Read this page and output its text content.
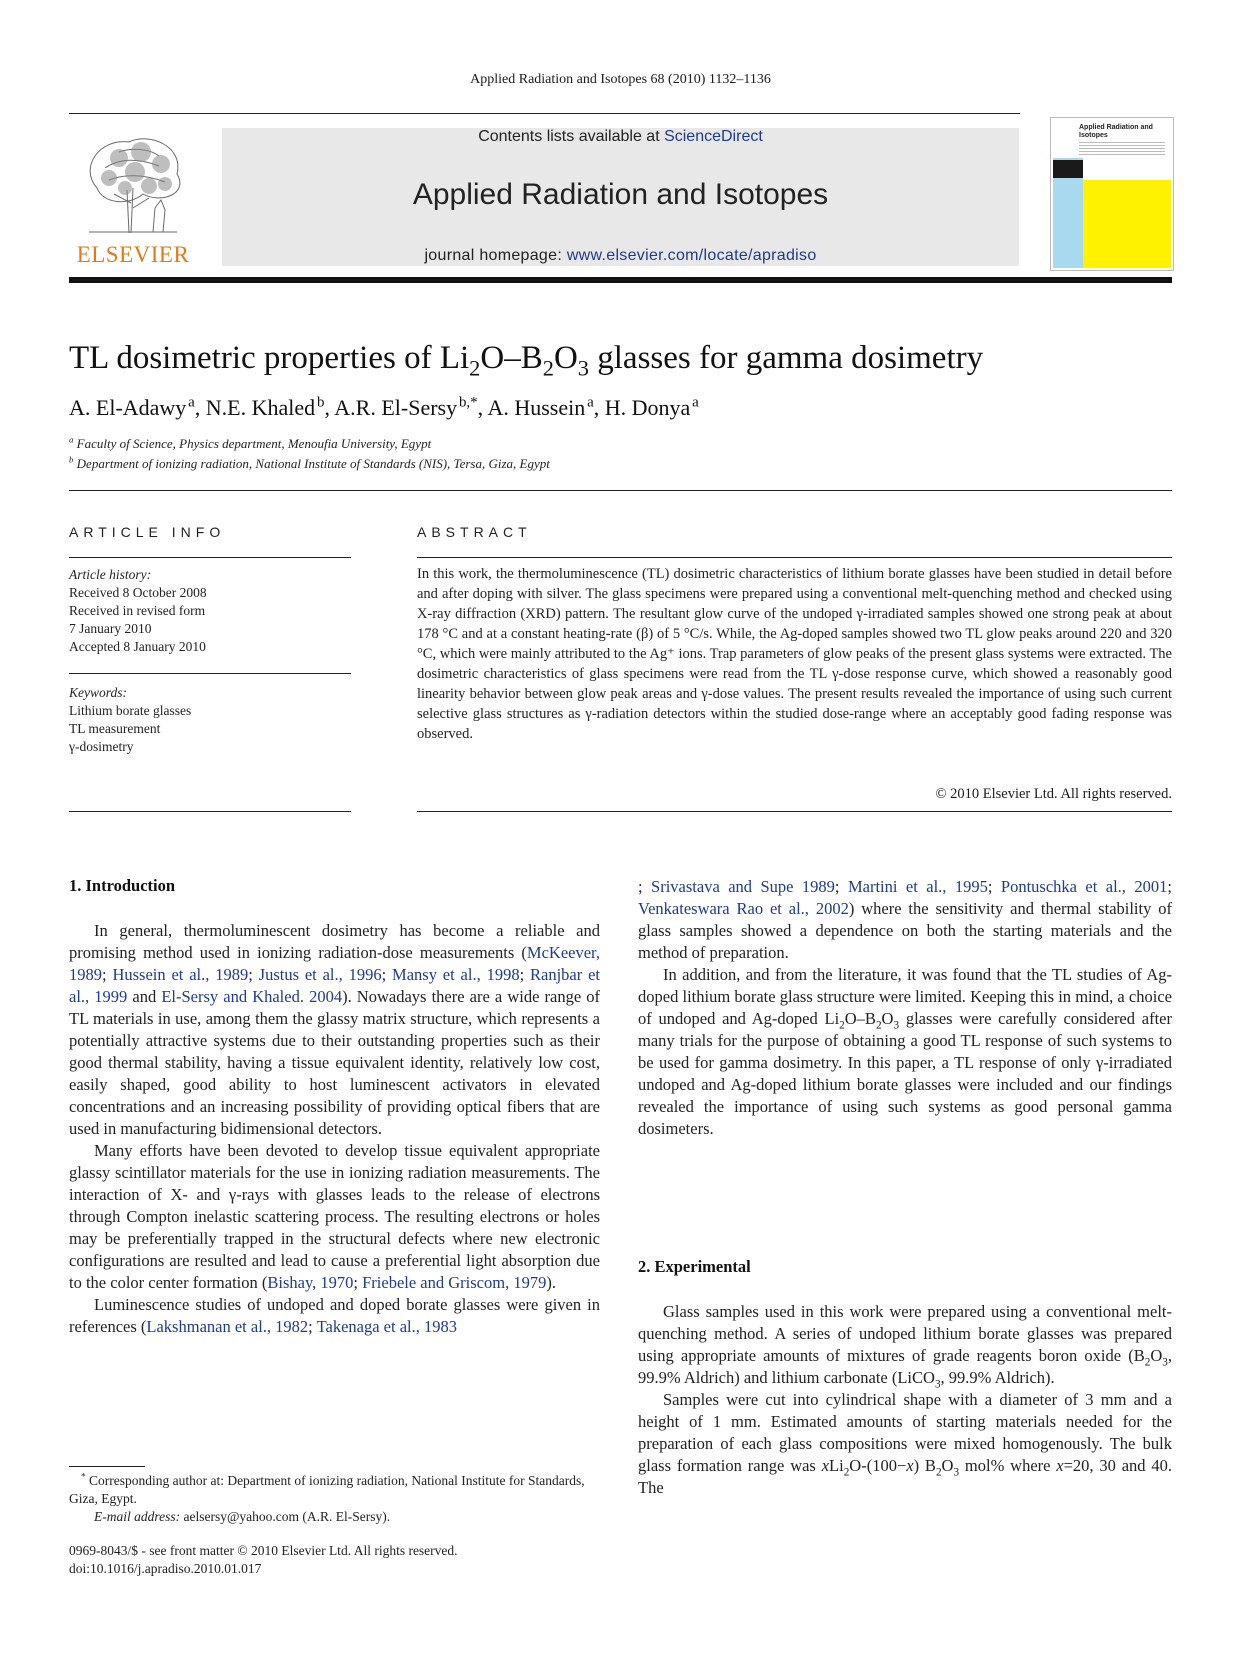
Applied Radiation and Isotopes 68 (2010) 1132–1136
ELSEVIER
Contents lists available at ScienceDirect
Applied Radiation and Isotopes
journal homepage: www.elsevier.com/locate/apradiso
Applied Radiation and Isotopes
TL dosimetric properties of $Li_2O-B_2O_3$ glasses for gamma dosimetry
A. El-Adawy  $^a$, N.E. Khaled  $^b$, A.R. El-Sersy  $^{b,*}$, A. Hussein  $^a$, H. Donya  $^a$
$^a$ Faculty of Science, Physics department, Menoufia University, Egypt
$^b$ Department of ionizing radiation, National Institute of Standards (NIS), Tersa, Giza, Egypt
ARTICLE INFO
Article history:
Received 8 October 2008
Received in revised form
7 January 2010
Accepted 8 January 2010
Keywords:
Lithium borate glasses
TL measurement
γ-dosimetry
ABSTRACT
In this work, the thermoluminescence (TL) dosimetric characteristics of lithium borate glasses have been studied in detail before and after doping with silver. The glass specimens were prepared using a conventional melt-quenching method and checked using X-ray diffraction (XRD) pattern. The resultant glow curve of the undoped γ-irradiated samples showed one strong peak at about 178 °C and at a constant heating-rate (β) of 5 °C/s. While, the Ag-doped samples showed two TL glow peaks around 220 and 320 °C, which were mainly attributed to the Ag⁺ ions. Trap parameters of glow peaks of the present glass systems were extracted. The dosimetric characteristics of glass specimens were read from the TL γ-dose response curve, which showed a reasonably good linearity behavior between glow peak areas and γ-dose values. The present results revealed the importance of using such current selective glass structures as γ-radiation detectors within the studied dose-range where an acceptably good fading response was observed.
© 2010 Elsevier Ltd. All rights reserved.
1. Introduction

In general, thermoluminescent dosimetry has become a reliable and promising method used in ionizing radiation-dose measurements (McKeever, 1989; Hussein et al., 1989; Justus et al., 1996; Mansy et al., 1998; Ranjbar et al., 1999 and El-Sersy and Khaled. 2004). Nowadays there are a wide range of TL materials in use, among them the glassy matrix structure, which represents a potentially attractive systems due to their outstanding properties such as their good thermal stability, having a tissue equivalent identity, relatively low cost, easily shaped, good ability to host luminescent activators in elevated concentrations and an increasing possibility of providing optical fibers that are used in manufacturing bidimensional detectors.

Many efforts have been devoted to develop tissue equivalent appropriate glassy scintillator materials for the use in ionizing radiation measurements. The interaction of X- and γ-rays with glasses leads to the release of electrons through Compton inelastic scattering process. The resulting electrons or holes may be preferentially trapped in the structural defects where new electronic configurations are resulted and lead to cause a preferential light absorption due to the color center formation (Bishay, 1970; Friebele and Griscom, 1979).

Luminescence studies of undoped and doped borate glasses were given in references (Lakshmanan et al., 1982; Takenaga et al., 1983

* Corresponding author at: Department of ionizing radiation, National Institute for Standards, Giza, Egypt.
E-mail address: aelsersy@yahoo.com (A.R. El-Sersy).
0969-8043/$ - see front matter © 2010 Elsevier Ltd. All rights reserved.
doi:10.1016/j.apradiso.2010.01.017

; Srivastava and Supe 1989; Martini et al., 1995; Pontuschka et al., 2001; Venkateswara Rao et al., 2002) where the sensitivity and thermal stability of glass samples showed a dependence on both the starting materials and the method of preparation.

In addition, and from the literature, it was found that the TL studies of Ag-doped lithium borate glass structure were limited. Keeping this in mind, a choice of undoped and Ag-doped $Li_2O-B_2O_3$ glasses were carefully considered after many trials for the purpose of obtaining a good TL response of such systems to be used for gamma dosimetry. In this paper, a TL response of only γ-irradiated undoped and Ag-doped lithium borate glasses were included and our findings revealed the importance of using such systems as good personal gamma dosimeters.

2. Experimental

Glass samples used in this work were prepared using a conventional melt-quenching method. A series of undoped lithium borate glasses was prepared using appropriate amounts of mixtures of grade reagents boron oxide ($B_2O_3$, 99.9% Aldrich) and lithium carbonate (LiCO$_3$, 99.9% Aldrich).

Samples were cut into cylindrical shape with a diameter of 3 mm and a height of 1 mm. Estimated amounts of starting materials needed for the preparation of each glass compositions were mixed homogenously. The bulk glass formation range was xLi$_2$O-(100−x) $B_2O_3$ mol% where x=20, 30 and 40. The
